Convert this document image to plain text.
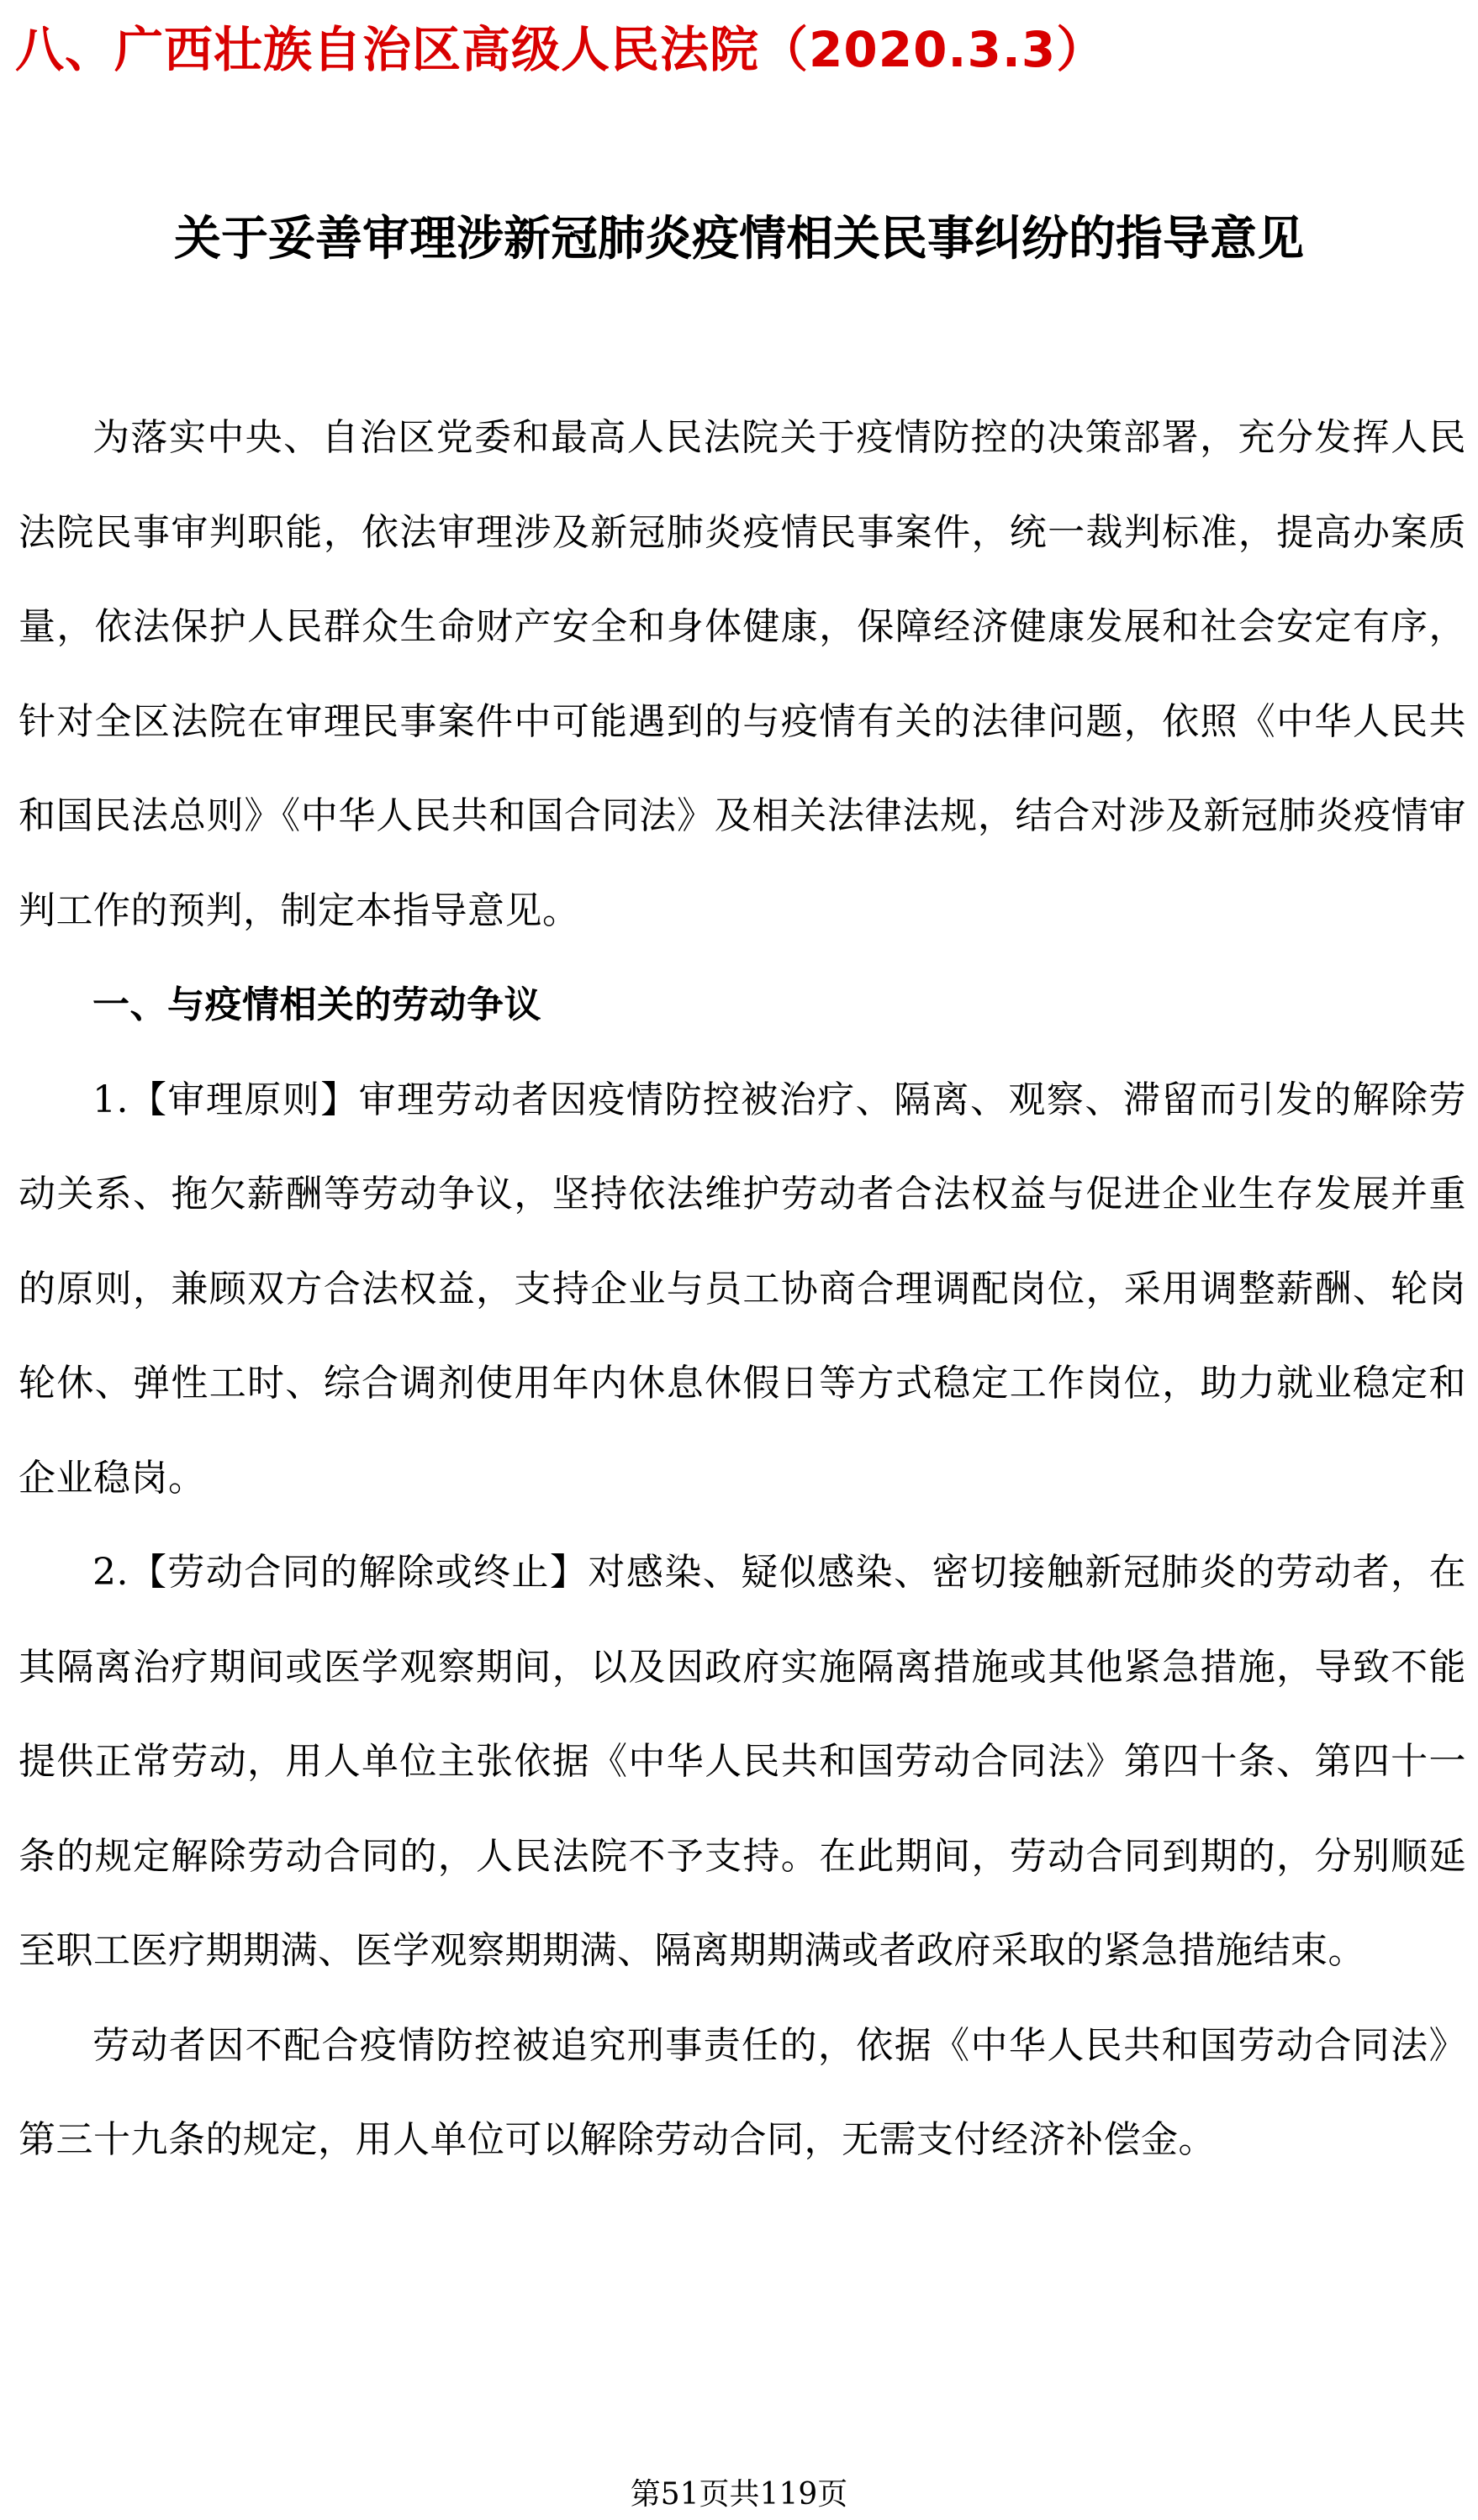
八、广西壮族自治区高级人民法院（2020.3.3）
关于妥善审理涉新冠肺炎疫情相关民事纠纷的指导意见

为落实中央、自治区党委和最高人民法院关于疫情防控的决策部署，充分发挥人民法院民事审判职能，依法审理涉及新冠肺炎疫情民事案件，统一裁判标准，提高办案质量，依法保护人民群众生命财产安全和身体健康，保障经济健康发展和社会安定有序，针对全区法院在审理民事案件中可能遇到的与疫情有关的法律问题，依照《中华人民共和国民法总则》《中华人民共和国合同法》及相关法律法规，结合对涉及新冠肺炎疫情审判工作的预判，制定本指导意见。

一、与疫情相关的劳动争议

1.【审理原则】审理劳动者因疫情防控被治疗、隔离、观察、滞留而引发的解除劳动关系、拖欠薪酬等劳动争议，坚持依法维护劳动者合法权益与促进企业生存发展并重的原则，兼顾双方合法权益，支持企业与员工协商合理调配岗位，采用调整薪酬、轮岗轮休、弹性工时、综合调剂使用年内休息休假日等方式稳定工作岗位，助力就业稳定和企业稳岗。

2.【劳动合同的解除或终止】对感染、疑似感染、密切接触新冠肺炎的劳动者，在其隔离治疗期间或医学观察期间，以及因政府实施隔离措施或其他紧急措施，导致不能提供正常劳动，用人单位主张依据《中华人民共和国劳动合同法》第四十条、第四十一条的规定解除劳动合同的，人民法院不予支持。在此期间，劳动合同到期的，分别顺延至职工医疗期期满、医学观察期期满、隔离期期满或者政府采取的紧急措施结束。

劳动者因不配合疫情防控被追究刑事责任的，依据《中华人民共和国劳动合同法》第三十九条的规定，用人单位可以解除劳动合同，无需支付经济补偿金。

第51页共119页
